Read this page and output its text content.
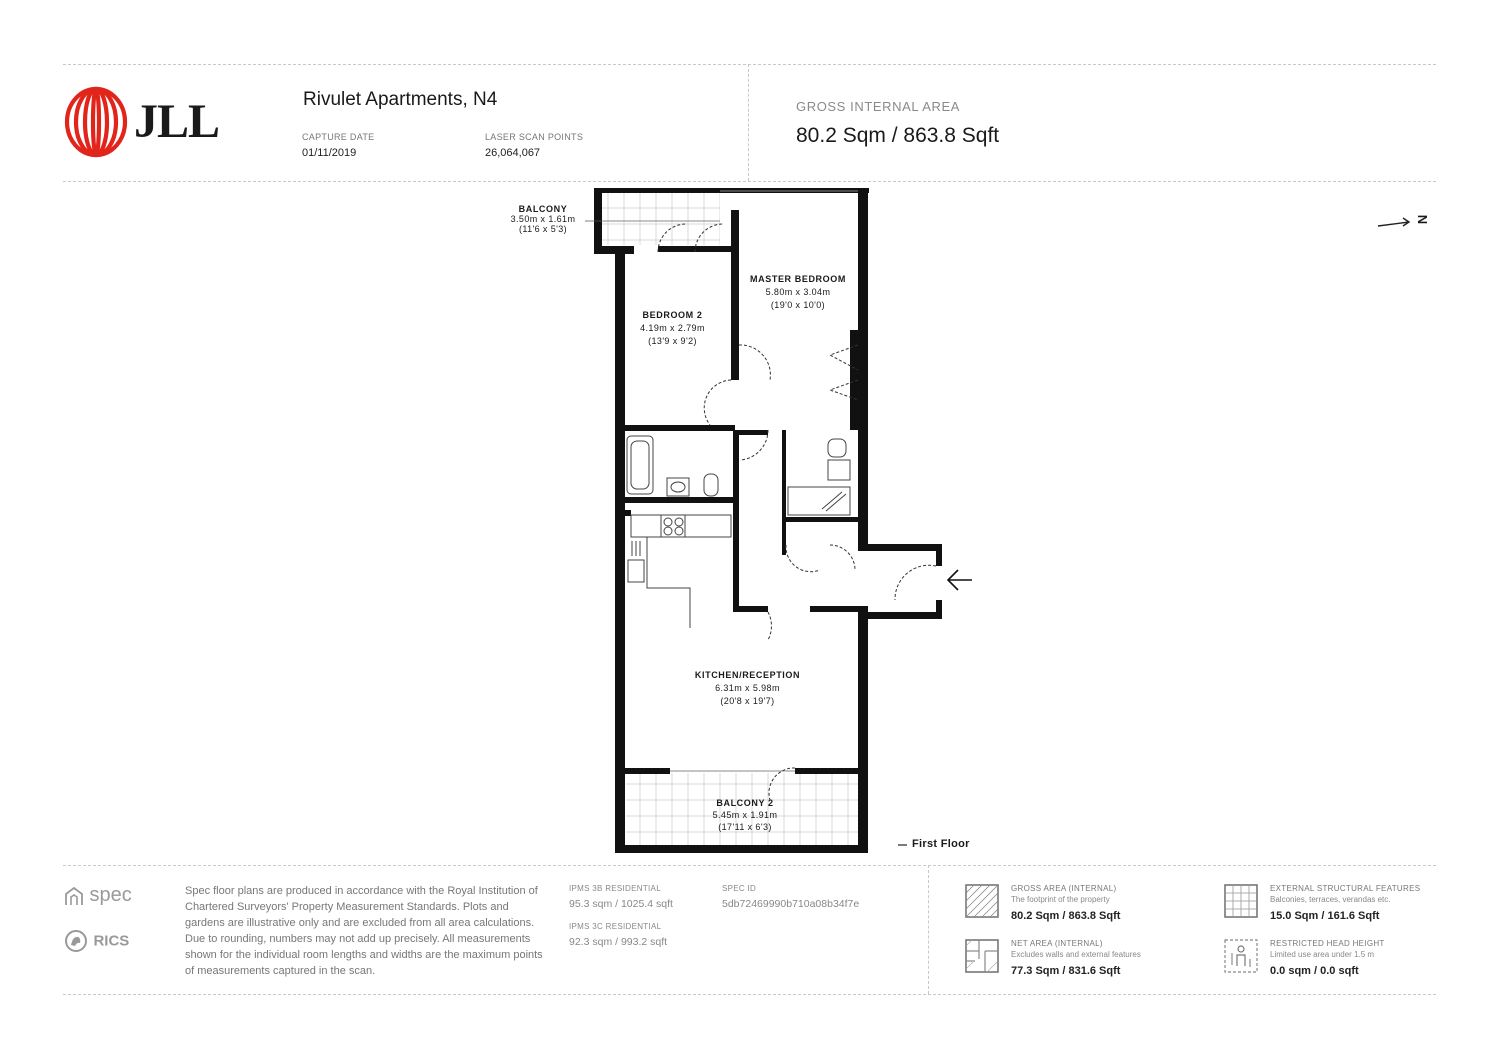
JLL	Rivulet Apartments, N4
CAPTURE DATE
01/11/2019
LASER SCAN POINTS
26,064,067
GROSS INTERNAL AREA
80.2 Sqm / 863.8 Sqft
N
BALCONY
3.50m x 1.61m
(11'6 x 5'3)
BEDROOM 2
4.19m x 2.79m
(13'9 x 9'2)
MASTER BEDROOM
5.80m x 3.04m
(19'0 x 10'0)
KITCHEN/RECEPTION
6.31m x 5.98m
(20'8 x 19'7)
BALCONY 2
5.45m x 1.91m
(17'11 x 6'3)
First Floor
spec
RICS
Spec floor plans are produced in accordance with the Royal Institution of Chartered Surveyors' Property Measurement Standards. Plots and gardens are illustrative only and are excluded from all area calculations. Due to rounding, numbers may not add up precisely. All measurements shown for the individual room lengths and widths are the maximum points of measurements captured in the scan.
IPMS 3B RESIDENTIAL
95.3 sqm / 1025.4 sqft
IPMS 3C RESIDENTIAL
92.3 sqm / 993.2 sqft
SPEC ID
5db72469990b710a08b34f7e
GROSS AREA (INTERNAL)
The footprint of the property
80.2 Sqm / 863.8 Sqft
NET AREA (INTERNAL)
Excludes walls and external features
77.3 Sqm / 831.6 Sqft
EXTERNAL STRUCTURAL FEATURES
Balconies, terraces, verandas etc.
15.0 Sqm / 161.6 Sqft
RESTRICTED HEAD HEIGHT
Limited use area under 1.5 m
0.0 sqm / 0.0 sqft
